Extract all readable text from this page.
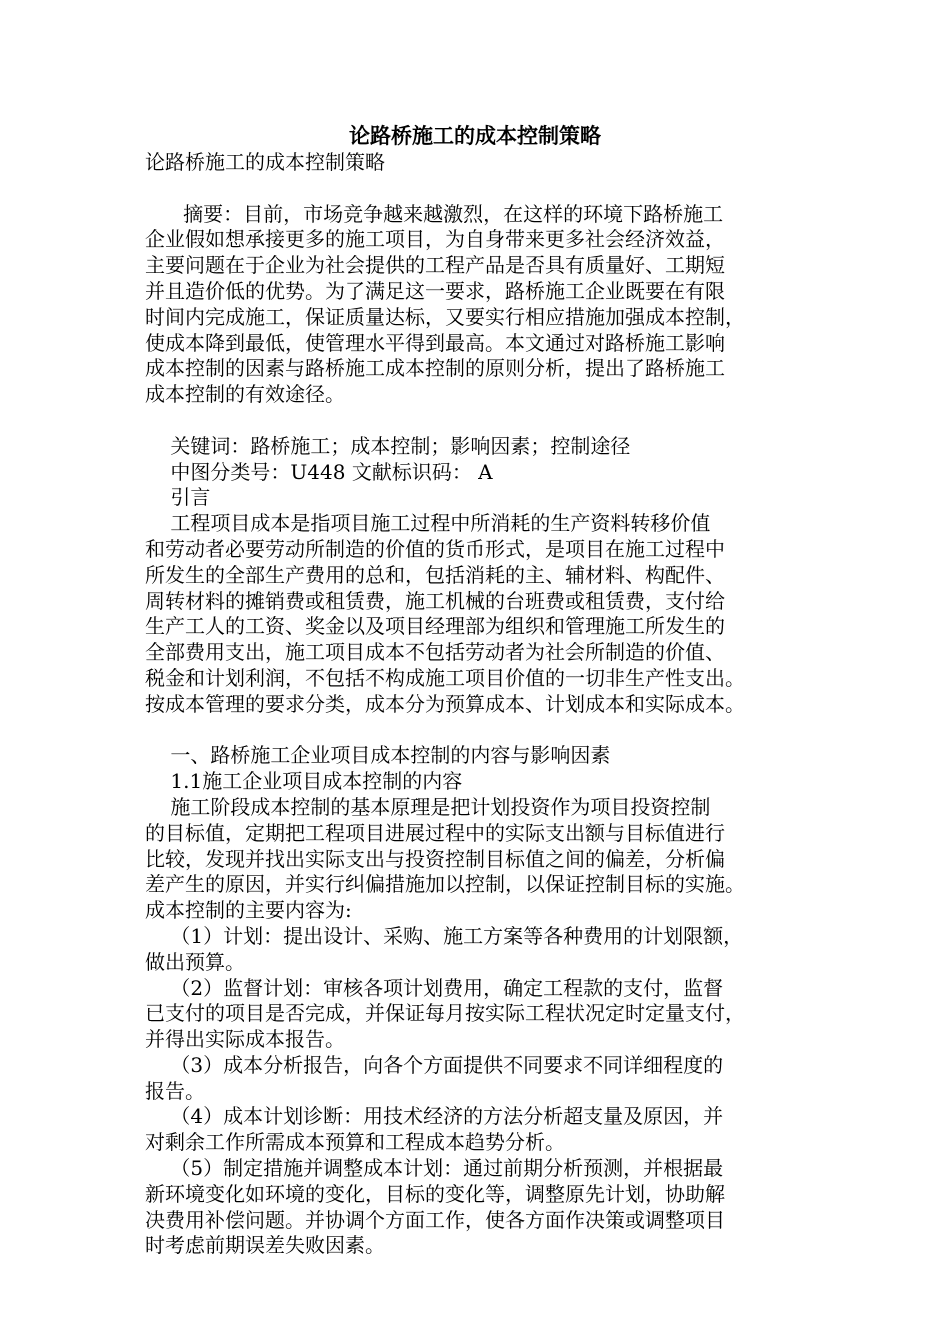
论路桥施工的成本控制策略
论路桥施工的成本控制策略
摘要：目前，市场竞争越来越激烈，在这样的环境下路桥施工
企业假如想承接更多的施工项目，为自身带来更多社会经济效益，
主要问题在于企业为社会提供的工程产品是否具有质量好、工期短
并且造价低的优势。为了满足这一要求，路桥施工企业既要在有限
时间内完成施工，保证质量达标，又要实行相应措施加强成本控制，
使成本降到最低，使管理水平得到最高。本文通过对路桥施工影响
成本控制的因素与路桥施工成本控制的原则分析，提出了路桥施工
成本控制的有效途径。
关键词：路桥施工；成本控制；影响因素；控制途径
中图分类号：U448 文献标识码： A
引言
工程项目成本是指项目施工过程中所消耗的生产资料转移价值
和劳动者必要劳动所制造的价值的货币形式，是项目在施工过程中
所发生的全部生产费用的总和，包括消耗的主、辅材料、构配件、
周转材料的摊销费或租赁费，施工机械的台班费或租赁费，支付给
生产工人的工资、奖金以及项目经理部为组织和管理施工所发生的
全部费用支出，施工项目成本不包括劳动者为社会所制造的价值、
税金和计划利润，不包括不构成施工项目价值的一切非生产性支出。
按成本管理的要求分类，成本分为预算成本、计划成本和实际成本。
一、路桥施工企业项目成本控制的内容与影响因素
1.1施工企业项目成本控制的内容
施工阶段成本控制的基本原理是把计划投资作为项目投资控制
的目标值，定期把工程项目进展过程中的实际支出额与目标值进行
比较，发现并找出实际支出与投资控制目标值之间的偏差，分析偏
差产生的原因，并实行纠偏措施加以控制，以保证控制目标的实施。
成本控制的主要内容为:
（1）计划：提出设计、采购、施工方案等各种费用的计划限额，
做出预算。
（2）监督计划：审核各项计划费用，确定工程款的支付，监督
已支付的项目是否完成，并保证每月按实际工程状况定时定量支付，
并得出实际成本报告。
（3）成本分析报告，向各个方面提供不同要求不同详细程度的
报告。
（4）成本计划诊断：用技术经济的方法分析超支量及原因，并
对剩余工作所需成本预算和工程成本趋势分析。
（5）制定措施并调整成本计划：通过前期分析预测，并根据最
新环境变化如环境的变化，目标的变化等，调整原先计划，协助解
决费用补偿问题。并协调个方面工作，使各方面作决策或调整项目
时考虑前期误差失败因素。
